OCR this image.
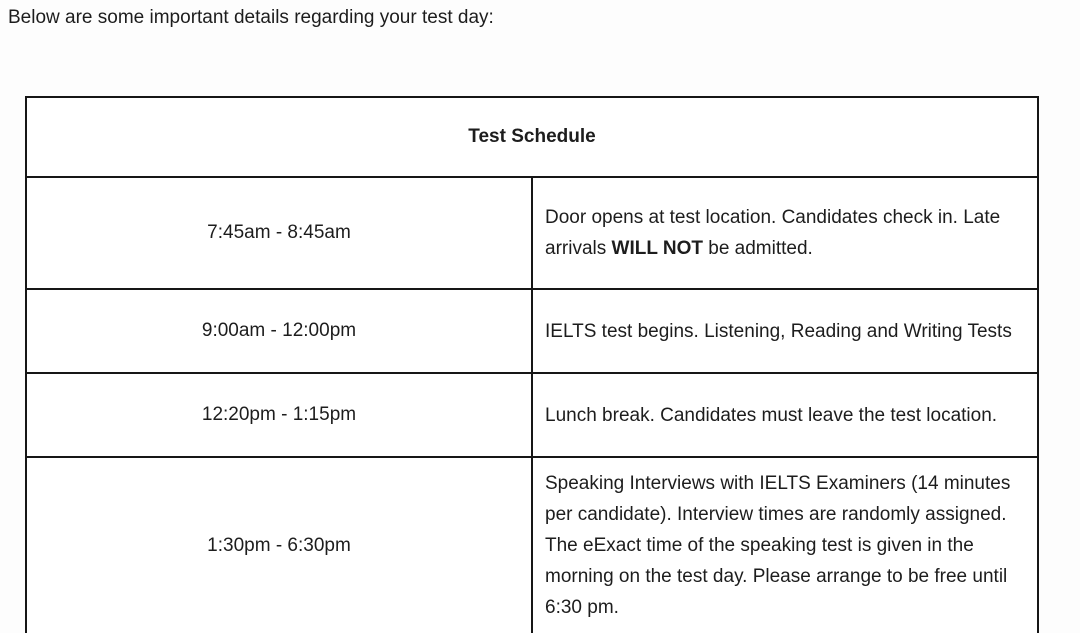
Below are some important details regarding your test day:

Test Schedule	
7:45am - 8:45am	Door opens at test location. Candidates check in. Late arrivals WILL NOT be admitted.
9:00am - 12:00pm	IELTS test begins. Listening, Reading and Writing Tests
12:20pm - 1:15pm	Lunch break. Candidates must leave the test location.
1:30pm - 6:30pm	Speaking Interviews with IELTS Examiners (14 minutes per candidate). Interview times are randomly assigned. The eExact time of the speaking test is given in the morning on the test day. Please arrange to be free until 6:30 pm.
